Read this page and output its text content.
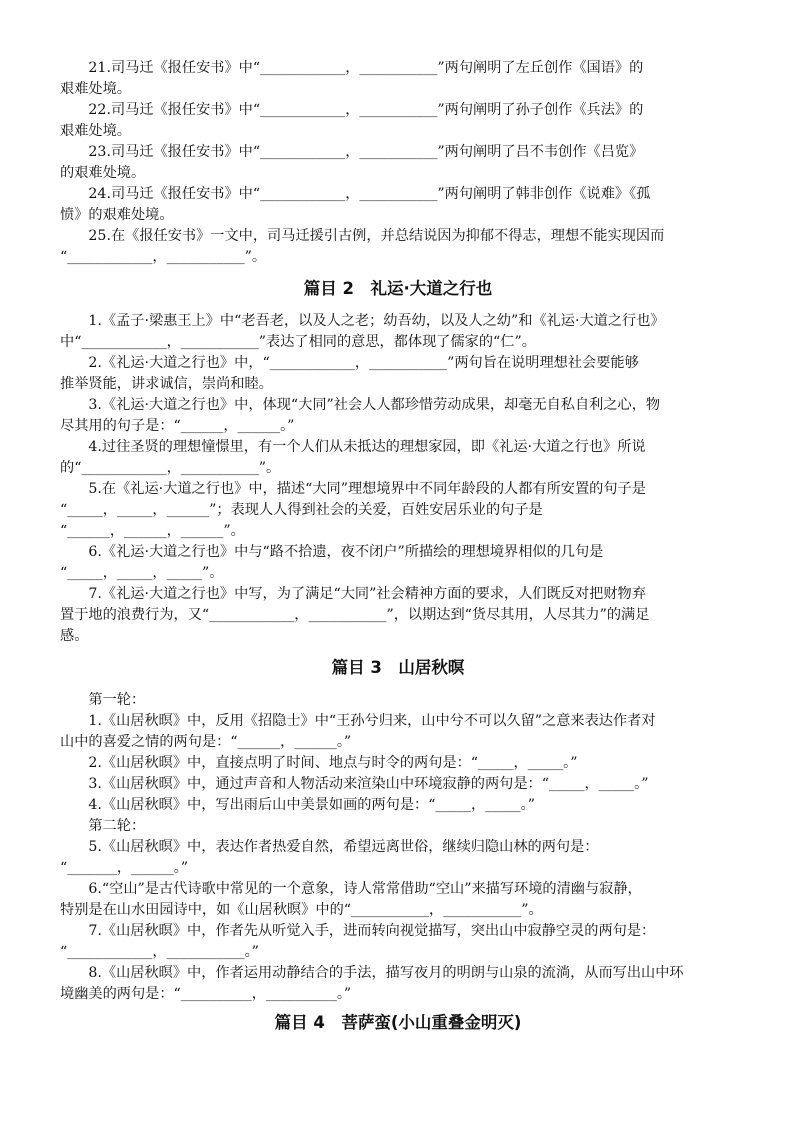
21.司马迁《报任安书》中“____________，___________”两句阐明了左丘创作《国语》的

艰难处境。

22.司马迁《报任安书》中“____________，___________”两句阐明了孙子创作《兵法》的

艰难处境。

23.司马迁《报任安书》中“____________，___________”两句阐明了吕不韦创作《吕览》

的艰难处境。

24.司马迁《报任安书》中“____________，___________”两句阐明了韩非创作《说难》《孤

愤》的艰难处境。

25.在《报任安书》一文中，司马迁援引古例，并总结说因为抑郁不得志，理想不能实现因而

“____________，___________”。

篇目 2　礼运·大道之行也

1.《孟子·梁惠王上》中“老吾老，以及人之老；幼吾幼，以及人之幼”和《礼运·大道之行也》

中“____________，___________”表达了相同的意思，都体现了儒家的“仁”。

2.《礼运·大道之行也》中，“____________，___________”两句旨在说明理想社会要能够

推举贤能，讲求诚信，崇尚和睦。

3.《礼运·大道之行也》中，体现“大同”社会人人都珍惜劳动成果，却毫无自私自利之心，物

尽其用的句子是：“______，______。”

4.过往圣贤的理想憧憬里，有一个人们从未抵达的理想家园，即《礼运·大道之行也》所说

的“____________，___________”。

5.在《礼运·大道之行也》中，描述“大同”理想境界中不同年龄段的人都有所安置的句子是

“_____，_____，______”；表现人人得到社会的关爱，百姓安居乐业的句子是

“______，______，______”。

6.《礼运·大道之行也》中与“路不拾遗，夜不闭户”所描绘的理想境界相似的几句是

“_____，_____，_____”。

7.《礼运·大道之行也》中写，为了满足“大同”社会精神方面的要求，人们既反对把财物弃

置于地的浪费行为，又“____________，___________”，以期达到“货尽其用，人尽其力”的满足

感。

篇目 3　山居秋暝

第一轮：

1.《山居秋暝》中，反用《招隐士》中“王孙兮归来，山中兮不可以久留”之意来表达作者对

山中的喜爱之情的两句是：“______，______。”

2.《山居秋暝》中，直接点明了时间、地点与时令的两句是：“_____，_____。”

3.《山居秋暝》中，通过声音和人物活动来渲染山中环境寂静的两句是：“_____，_____。”

4.《山居秋暝》中，写出雨后山中美景如画的两句是：“_____，_____。”

第二轮：

5.《山居秋暝》中，表达作者热爱自然，希望远离世俗，继续归隐山林的两句是：

“_______，______。”

6.“空山”是古代诗歌中常见的一个意象，诗人常常借助“空山”来描写环境的清幽与寂静，

特别是在山水田园诗中，如《山居秋暝》中的“___________，___________”。

7.《山居秋暝》中，作者先从听觉入手，进而转向视觉描写，突出山中寂静空灵的两句是：

“____________，___________。”

8.《山居秋暝》中，作者运用动静结合的手法，描写夜月的明朗与山泉的流淌，从而写出山中环

境幽美的两句是：“__________，__________。”

篇目 4　菩萨蛮(小山重叠金明灭)
